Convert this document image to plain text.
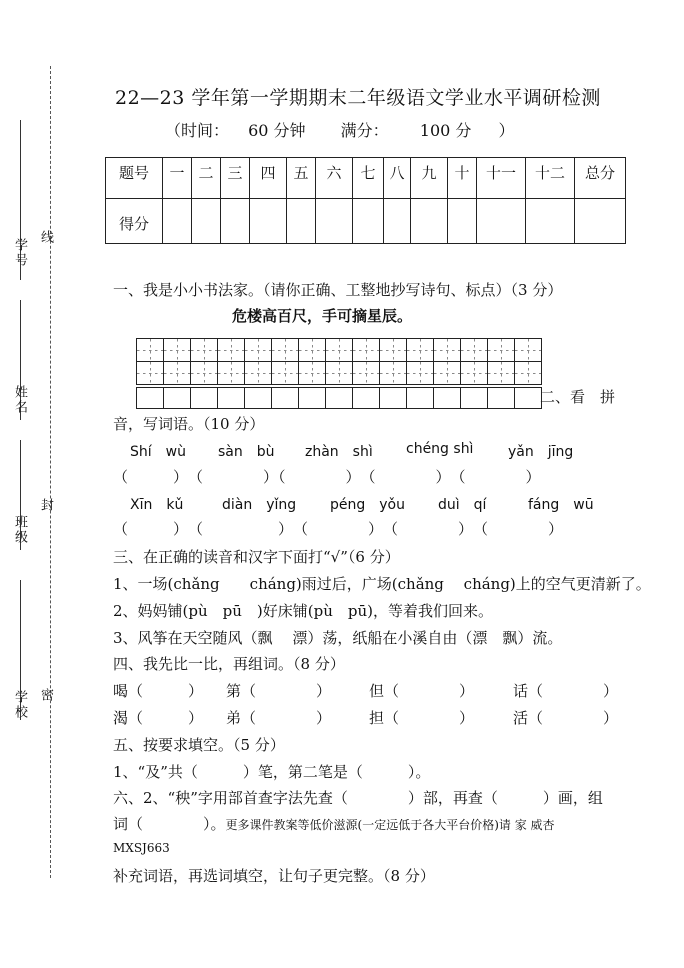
学号
线
姓名
班级
封
学校 密
22—23 学年第一学期期末二年级语文学业水平调研检测
（时间： 60 分钟 满分： 100 分 ）
题号	一	二	三	四	五	六	七	八	九	十	十一	十二	总分
得分													
一、我是小小书法家。（请你正确、工整地抄写诗句、标点）（3 分）
危楼高百尺，手可摘星辰。
二、看　拼
音，写词语。（10 分）
Shí　wù sàn　bù zhàn　shì chéng shì yǎn　jīng
（　　　）　（　　　　）（　　　　）　（　　　　）　（　　　　）
Xīn　kǔ	diàn　yǐng péng　yǒu duì　qí	fáng　wū
（　　　）　（　　　　　）　（　　　　）　（　　　　）　（　　　　）
三、在正确的读音和汉字下面打“√”（6 分）
1、一场(chǎng　　cháng)雨过后，广场(chǎng　 cháng)上的空气更清新了。
2、妈妈铺(pù　pū　)好床铺(pù　pū)，等着我们回来。
3、风筝在天空随风（飘　 漂）荡，纸船在小溪自由（漂　飘）流。
四、我先比一比，再组词。（8 分）
喝（　　　） 第（　　　　）	但（　　　　）	话（　　　　）
渴（　　　） 弟（　　　　）	担（　　　　）	活（　　　　）
五、按要求填空。（5 分）
1、“及”共（　　　）笔，第二笔是（　　　）。
六、2、“秧”字用部首查字法先查（　　　　）部，再查（　　　）画，组
词（　　　　）。更多课件教案等低价滋源(一定远低于各大平台价格)请 家 威杏
MXSJ663
补充词语，再选词填空，让句子更完整。（8 分）
